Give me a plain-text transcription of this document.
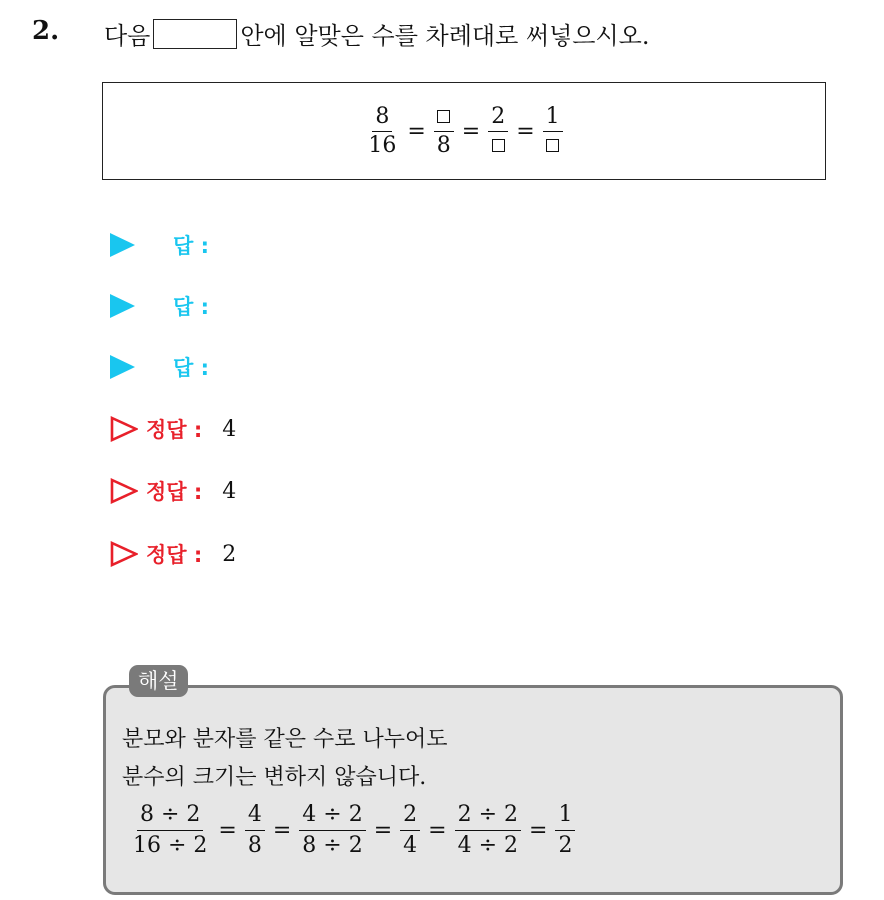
2. 다음	안에 알맞은 수를 차례대로 써넣으시오.
$\frac{8}{16}$ =
8
=
2
=
1
답 :
답 :
답 :
정답 : 4
정답 : 4
정답 : 2
해설
분모와 분자를 같은 수로 나누어도
분수의 크기는 변하지 않습니다.
$\frac{8 \div 2}{16 \div 2} = \frac{4}{8} = \frac{4 \div 2}{8 \div 2} = \frac{2}{4} = \frac{2 \div 2}{4 \div 2} = \frac{1}{2}$
